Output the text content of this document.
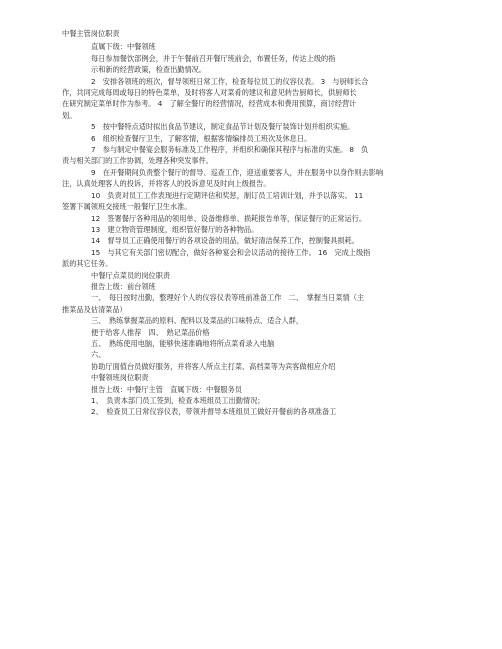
中餐主管岗位职责
直属下级：中餐领班
每日参加餐饮部例会，并于午餐前召开餐厅班前会，布置任务，传达上级的指
示和新的经营政策，检查出勤情况。
2　安排各领班的班次，督导领班日常工作，检查每位员工的仪容仪表。 3　与厨师长合
作，共同完成每周或每日的特色菜单，及时将客人对菜肴的建议和意见转告厨师长，供厨师长
在研究制定菜单时作为参考。 4　了解全餐厅的经营情况，经营成本和费用预算，商讨经营计
划。
5　按中餐特点适时拟出食品节建议，制定食品节计划及餐厅装饰计划并组织实施。
6　组织检查餐厅卫生，了解客情，根据客情编排员工班次及休息日。
7　参与制定中餐宴会服务标准及工作程序，并组织和确保其程序与标准的实施。 8　负
责与相关部门的工作协调，处理各种突发事件。
9　在开餐期间负责整个餐厅的督导、巡查工作，迎送重要客人，并在服务中以身作则去影响
注，认真处理客人的投诉，并将客人的投诉意见及时向上级报告。
10　负责对员工工作表现进行定期评估和奖惩，制订员工培训计划，并予以落实。 11
签署下属领班交接班一般餐厅卫生水准。
12　签署餐厅各种用品的领用单、设备维修单、损耗报告单等，保证餐厅的正常运行。
13　建立物资管理制度，组织管好餐厅的各种物品。
14　督导员工正确使用餐厅的各项设备的用品，做好清洁保养工作，控制餐具损耗。
15　与其它有关部门密切配合，做好各种宴会和会议活动的接待工作。 16　完成上级指
派的其它任务。
中餐厅点菜员的岗位职责
报告上级：前台领班
一、　每日按时出勤，整理好个人的仪容仪表等班前准备工作　二、　掌握当日菜情（主
推菜品及估清菜品）
三、　熟练掌握菜品的原料、配料以及菜品的口味特点、适合人群，
便于给客人推荐　四、　熟记菜品价格
五、　熟练使用电脑，能够快速准确地将所点菜肴录入电脑
六、
协助厅面值台员做好服务，并将客人所点主打菜、高档菜等为宾客做相应介绍
中餐领班岗位职责
报告上级：中餐厅主管　直属下级：中餐服务员
1、　负责本部门员工签到，检查本班组员工出勤情况；
2、　检查员工日常仪容仪表，带领并督导本班组员工做好开餐前的各项准备工
